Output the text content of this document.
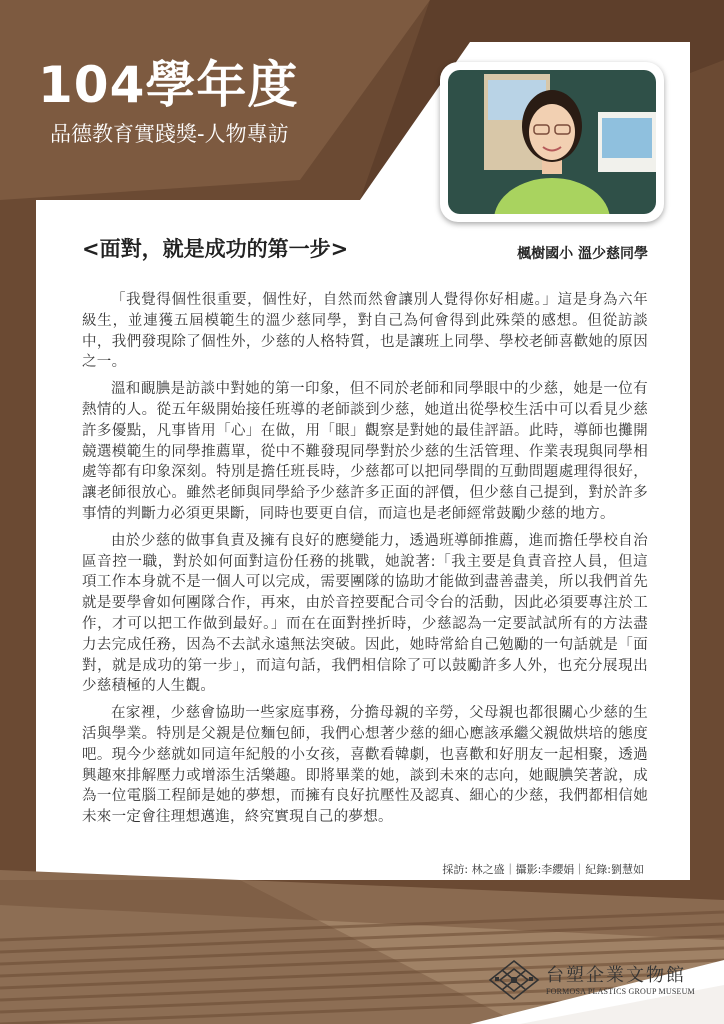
104學年度
品德教育實踐獎-人物專訪
<面對，就是成功的第一步>	楓樹國小 溫少慈同學

「我覺得個性很重要，個性好，自然而然會讓別人覺得你好相處。」這是身為六年級生，並連獲五屆模範生的溫少慈同學，對自己為何會得到此殊榮的感想。但從訪談中，我們發現除了個性外，少慈的人格特質，也是讓班上同學、學校老師喜歡她的原因之一。

溫和靦腆是訪談中對她的第一印象，但不同於老師和同學眼中的少慈，她是一位有熱情的人。從五年級開始接任班導的老師談到少慈，她道出從學校生活中可以看見少慈許多優點，凡事皆用「心」在做，用「眼」觀察是對她的最佳評語。此時，導師也攤開競選模範生的同學推薦單，從中不難發現同學對於少慈的生活管理、作業表現與同學相處等都有印象深刻。特別是擔任班長時，少慈都可以把同學間的互動問題處理得很好，讓老師很放心。雖然老師與同學給予少慈許多正面的評價，但少慈自己提到，對於許多事情的判斷力必須更果斷，同時也要更自信，而這也是老師經常鼓勵少慈的地方。

由於少慈的做事負責及擁有良好的應變能力，透過班導師推薦，進而擔任學校自治區音控一職，對於如何面對這份任務的挑戰，她說著:「我主要是負責音控人員，但這項工作本身就不是一個人可以完成，需要團隊的協助才能做到盡善盡美，所以我們首先就是要學會如何團隊合作，再來，由於音控要配合司令台的活動，因此必須要專注於工作，才可以把工作做到最好。」而在在面對挫折時，少慈認為一定要試試所有的方法盡力去完成任務，因為不去試永遠無法突破。因此，她時常給自己勉勵的一句話就是「面對，就是成功的第一步」，而這句話，我們相信除了可以鼓勵許多人外，也充分展現出少慈積極的人生觀。

在家裡，少慈會協助一些家庭事務，分擔母親的辛勞，父母親也都很關心少慈的生活與學業。特別是父親是位麵包師，我們心想著少慈的細心應該承繼父親做烘培的態度吧。現今少慈就如同這年紀般的小女孩，喜歡看韓劇，也喜歡和好朋友一起相聚，透過興趣來排解壓力或增添生活樂趣。即將畢業的她，談到未來的志向，她靦腆笑著說，成為一位電腦工程師是她的夢想，而擁有良好抗壓性及認真、細心的少慈，我們都相信她未來一定會往理想邁進，終究實現自己的夢想。

採訪: 林之盛｜攝影:李纓娟｜紀錄:劉慧如
台塑企業文物館
FORMOSA PLASTICS GROUP MUSEUM
